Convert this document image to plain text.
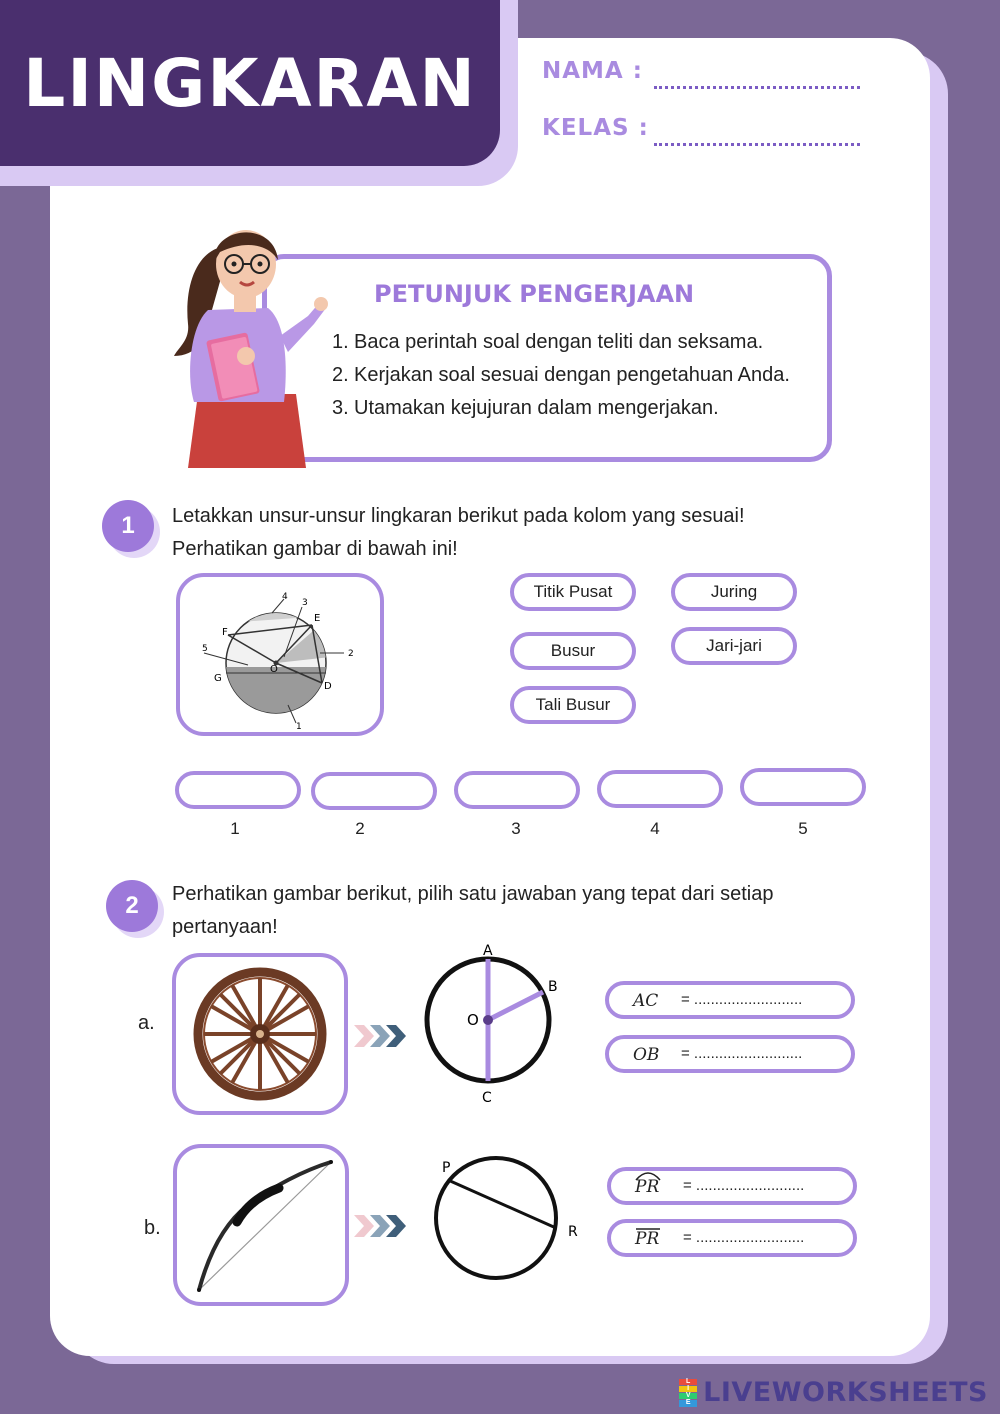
LINGKARAN	NAMA :
KELAS :
PETUNJUK PENGERJAAN
1. Baca perintah soal dengan teliti dan seksama.
2. Kerjakan soal sesuai dengan pengetahuan Anda.
3. Utamakan kejujuran dalam mengerjakan.
1	Letakkan unsur-unsur lingkaran berikut pada kolom yang sesuai!
Perhatikan gambar di bawah ini!
4
3
E
F
5
O
2
G
D
1
Titik Pusat	Juring
Busur	Jari-jari
Tali Busur
1	2	3	4	5
2	Perhatikan gambar berikut, pilih satu jawaban yang tepat dari setiap
pertanyaan!
a.
A
B
O
C
AC = ..........................
OB = ..........................
b.
P
R
PR = ..........................
PR = ..........................
L
I
V
E LIVEWORKSHEETS
